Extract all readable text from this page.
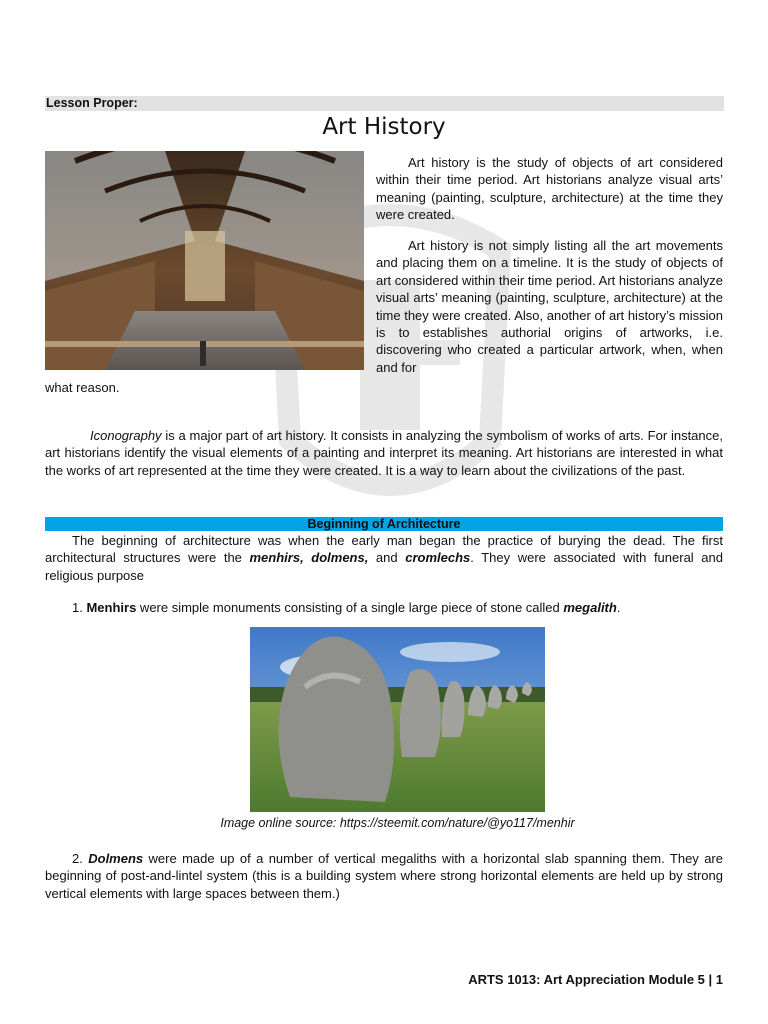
Lesson Proper:
Art History
Art history is the study of objects of art considered within their time period. Art historians analyze visual arts’ meaning (painting, sculpture, architecture) at the time they were created.
Art history is not simply listing all the art movements and placing them on a timeline. It is the study of objects of art considered within their time period. Art historians analyze visual arts’ meaning (painting, sculpture, architecture) at the time they were created. Also, another of art history’s mission is to establishes authorial origins of artworks, i.e. discovering who created a particular artwork, when, when and for
what reason.
Iconography is a major part of art history. It consists in analyzing the symbolism of works of arts. For instance, art historians identify the visual elements of a painting and interpret its meaning. Art historians are interested in what the works of art represented at the time they were created. It is a way to learn about the civilizations of the past.
Beginning of Architecture
The beginning of architecture was when the early man began the practice of burying the dead. The first architectural structures were the menhirs, dolmens, and cromlechs. They were associated with funeral and religious purpose
1. Menhirs were simple monuments consisting of a single large piece of stone called megalith.
Image online source: https://steemit.com/nature/@yo117/menhir
2. Dolmens were made up of a number of vertical megaliths with a horizontal slab spanning them. They are beginning of post-and-lintel system (this is a building system where strong horizontal elements are held up by strong vertical elements with large spaces between them.)
ARTS 1013: Art Appreciation Module 5 | 1
